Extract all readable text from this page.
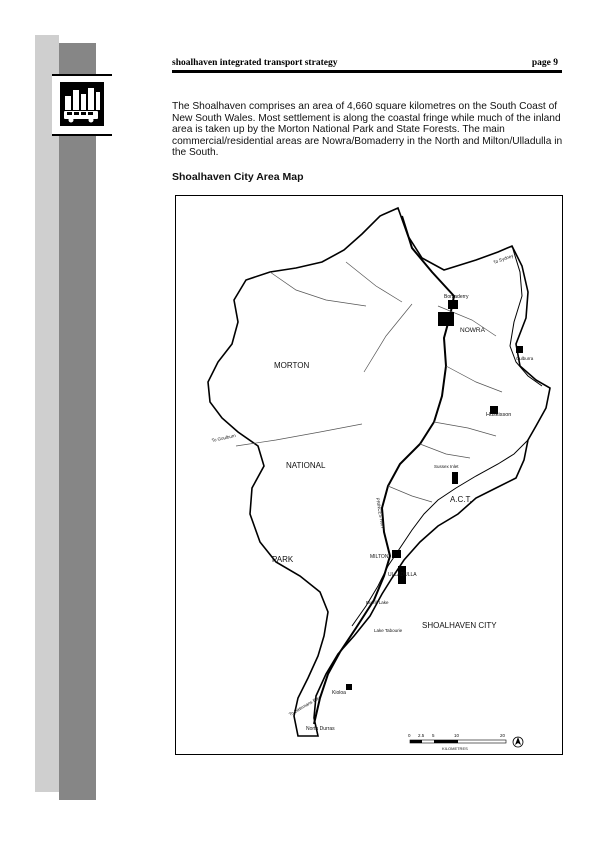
shoalhaven integrated transport strategy	page 9
The Shoalhaven comprises an area of 4,660 square kilometres on the South Coast of New South Wales. Most settlement is along the coastal fringe while much of the inland area is taken up by the Morton National Park and State Forests. The main commercial/residential areas are Nowra/Bomaderry in the North and Milton/Ulladulla in the South.
Shoalhaven City Area Map
MORTON
NATIONAL
PARK
SHOALHAVEN CITY
A.C.T.
NOWRA
Bomaderry
MILTON
ULLADULLA
Huskisson
Kioloa
North Durras
Culburra
Sussex Inlet
Burrill Lake
Lake Tabourie
To Sydney
To Goulburn
To Batemans Bay
PRINCES HWY
0 2.5 5	10	20
KILOMETRES
